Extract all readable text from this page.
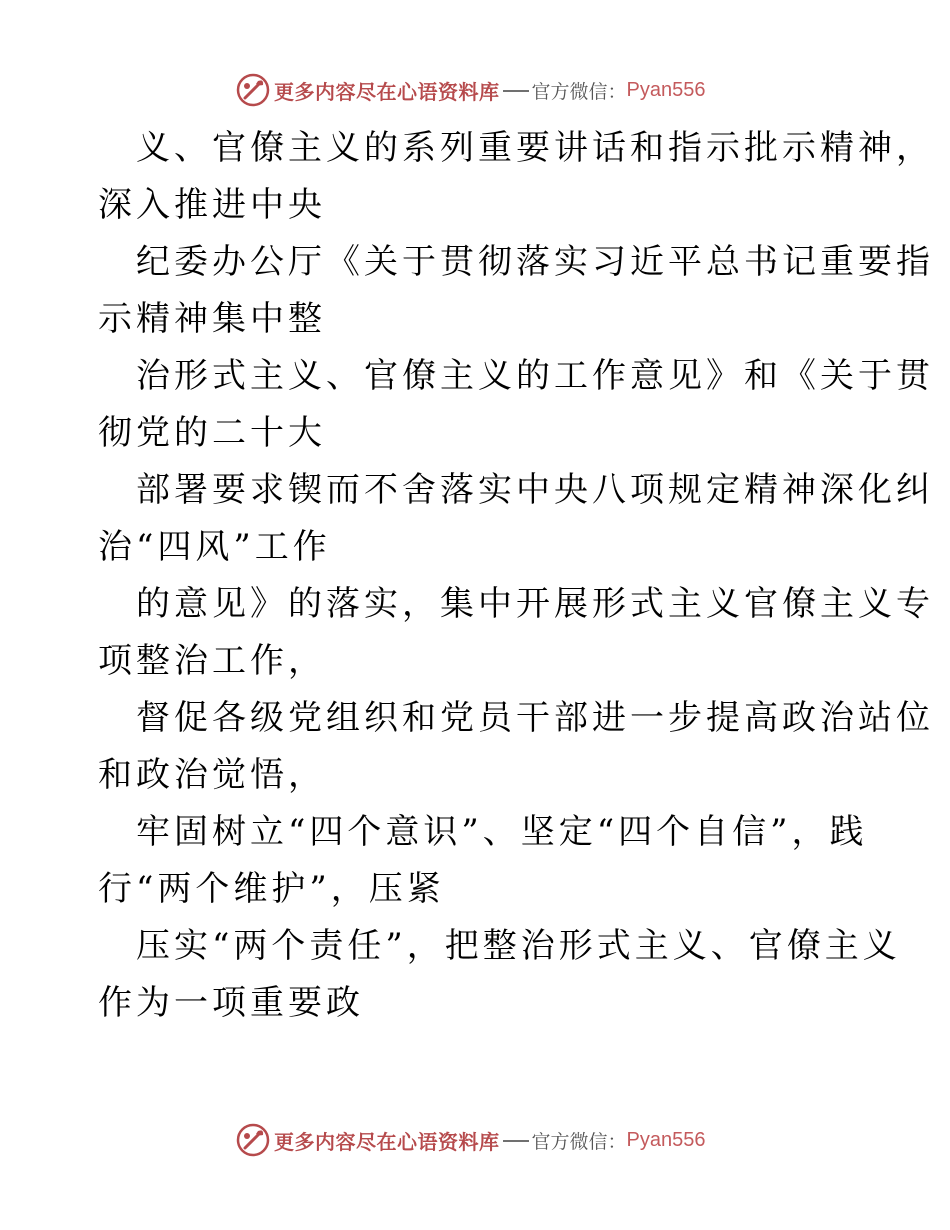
更多内容尽在心语资料库 官方微信： Pyan556
义、官僚主义的系列重要讲话和指示批示精神，
深入推进中央
纪委办公厅《关于贯彻落实习近平总书记重要指
示精神集中整
治形式主义、官僚主义的工作意见》和《关于贯
彻党的二十大
部署要求锲而不舍落实中央八项规定精神深化纠
治“四风”工作
的意见》的落实，集中开展形式主义官僚主义专
项整治工作，
督促各级党组织和党员干部进一步提高政治站位
和政治觉悟，
牢固树立“四个意识”、坚定“四个自信”，践
行“两个维护”，压紧
压实“两个责任”，把整治形式主义、官僚主义
作为一项重要政
更多内容尽在心语资料库 官方微信： Pyan556
